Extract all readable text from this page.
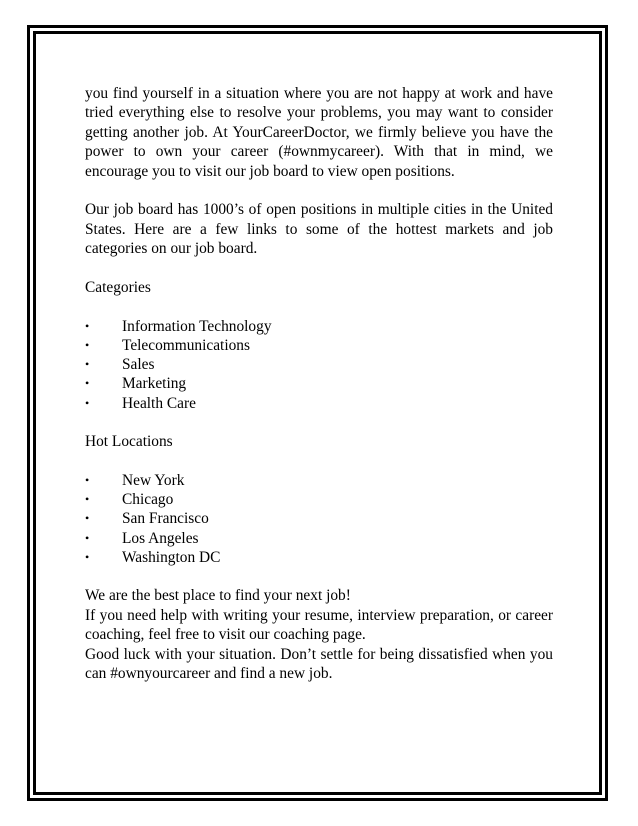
you find yourself in a situation where you are not happy at work and have tried everything else to resolve your problems, you may want to consider getting another job. At YourCareerDoctor, we firmly believe you have the power to own your career (#ownmycareer). With that in mind, we encourage you to visit our job board to view open positions.

Our job board has 1000’s of open positions in multiple cities in the United States. Here are a few links to some of the hottest markets and job categories on our job board.

Categories

• Information Technology
• Telecommunications
• Sales
• Marketing
• Health Care

Hot Locations

• New York
• Chicago
• San Francisco
• Los Angeles
• Washington DC

We are the best place to find your next job!

If you need help with writing your resume, interview preparation, or career coaching, feel free to visit our coaching page.

Good luck with your situation. Don’t settle for being dissatisfied when you can #ownyourcareer and find a new job.
